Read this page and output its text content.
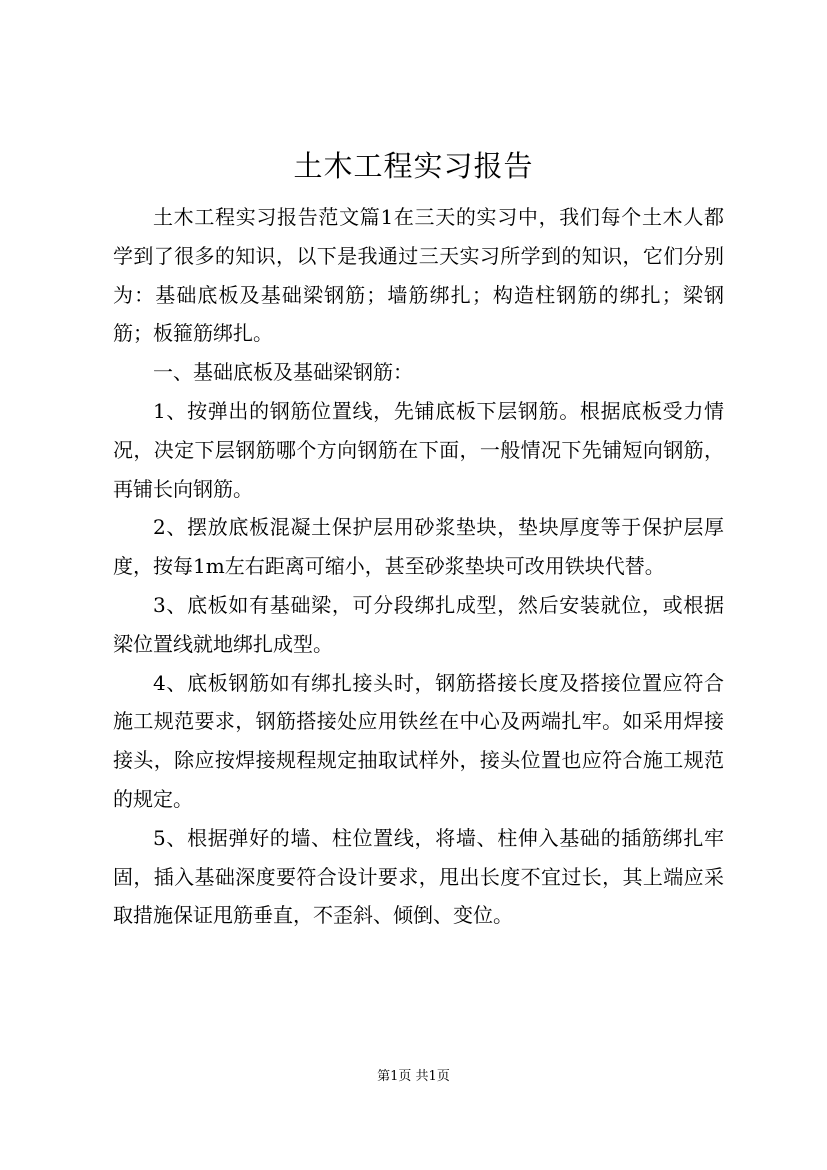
土木工程实习报告

土木工程实习报告范文篇1在三天的实习中，我们每个土木人都学到了很多的知识，以下是我通过三天实习所学到的知识，它们分别为：基础底板及基础梁钢筋；墙筋绑扎；构造柱钢筋的绑扎；梁钢筋；板箍筋绑扎。

一、基础底板及基础梁钢筋：

1、按弹出的钢筋位置线，先铺底板下层钢筋。根据底板受力情况，决定下层钢筋哪个方向钢筋在下面，一般情况下先铺短向钢筋，再铺长向钢筋。

2、摆放底板混凝土保护层用砂浆垫块，垫块厚度等于保护层厚度，按每1m左右距离可缩小，甚至砂浆垫块可改用铁块代替。

3、底板如有基础梁，可分段绑扎成型，然后安装就位，或根据梁位置线就地绑扎成型。

4、底板钢筋如有绑扎接头时，钢筋搭接长度及搭接位置应符合施工规范要求，钢筋搭接处应用铁丝在中心及两端扎牢。如采用焊接接头，除应按焊接规程规定抽取试样外，接头位置也应符合施工规范的规定。

5、根据弹好的墙、柱位置线，将墙、柱伸入基础的插筋绑扎牢固，插入基础深度要符合设计要求，甩出长度不宜过长，其上端应采取措施保证甩筋垂直，不歪斜、倾倒、变位。

第1页 共1页
